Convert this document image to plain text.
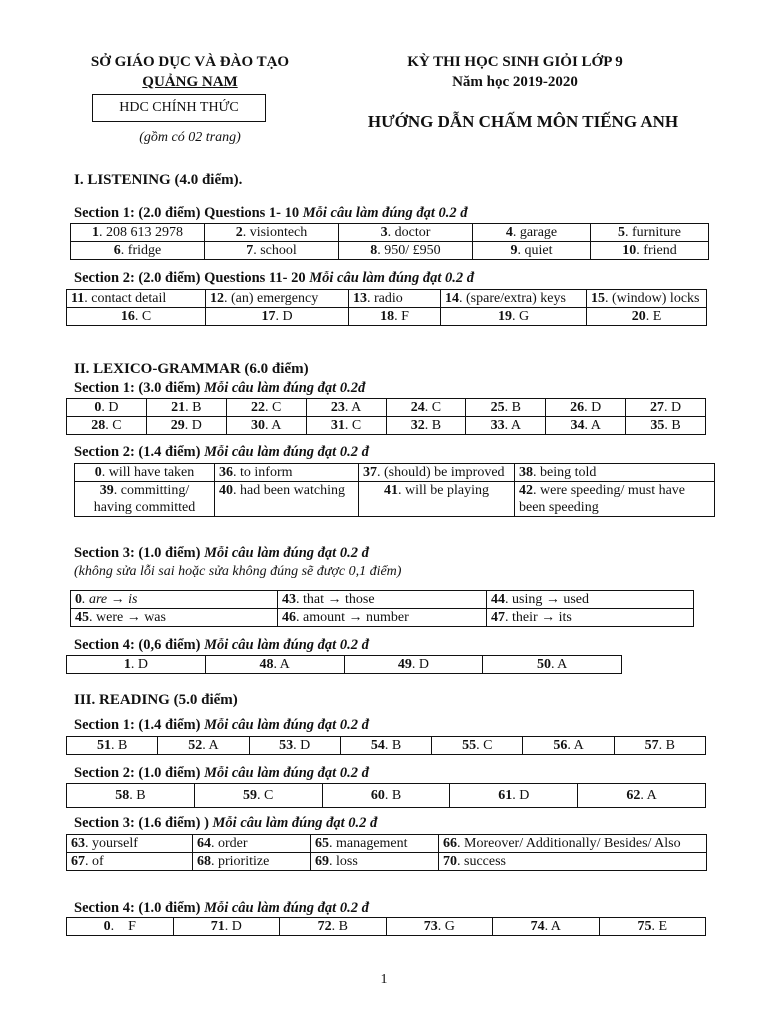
SỞ GIÁO DỤC VÀ ĐÀO TẠO
QUẢNG NAM
HDC CHÍNH THỨC
(gồm có 02 trang)
KỲ THI HỌC SINH GIỎI LỚP 9
Năm học 2019-2020
HƯỚNG DẪN CHẤM MÔN TIẾNG ANH
I. LISTENING (4.0 điểm).
Section 1: (2.0 điểm) Questions 1- 10 Mỗi câu làm đúng đạt 0.2 đ
1. 208 613 2978	2. visiontech	3. doctor	4. garage	5. furniture
6. fridge	7. school	8. 950/ £950	9. quiet	10. friend
Section 2: (2.0 điểm) Questions 11- 20 Mỗi câu làm đúng đạt 0.2 đ
11. contact detail	12. (an) emergency	13. radio	14. (spare/extra) keys	15. (window) locks
16. C	17. D	18. F	19. G	20. E
II. LEXICO-GRAMMAR (6.0 điểm)
Section 1: (3.0 điểm) Mỗi câu làm đúng đạt 0.2đ
0. D	21. B	22. C	23. A	24. C	25. B	26. D	27. D
28. C	29. D	30. A	31. C	32. B	33. A	34. A	35. B
Section 2: (1.4 điểm) Mỗi câu làm đúng đạt 0.2 đ
0. will have taken	36. to inform	37. (should) be improved	38. being told
39. committing/ having committed	40. had been watching	41. will be playing	42. were speeding/ must have been speeding
Section 3: (1.0 điểm) Mỗi câu làm đúng đạt 0.2 đ
(không sửa lỗi sai hoặc sửa không đúng sẽ được 0,1 điểm)
0. are → is	43. that → those	44. using → used
45. were → was	46. amount → number	47. their → its
Section 4: (0,6 điểm) Mỗi câu làm đúng đạt 0.2 đ
1. D	48. A	49. D	50. A
III. READING (5.0 điểm)
Section 1: (1.4 điểm) Mỗi câu làm đúng đạt 0.2 đ
51. B	52. A	53. D	54. B	55. C	56. A	57. B
Section 2: (1.0 điểm) Mỗi câu làm đúng đạt 0.2 đ
58. B	59. C	60. B	61. D	62. A
Section 3: (1.6 điểm) ) Mỗi câu làm đúng đạt 0.2 đ
63. yourself	64. order	65. management	66. Moreover/ Additionally/ Besides/ Also
67. of	68. prioritize	69. loss	70. success
Section 4: (1.0 điểm) Mỗi câu làm đúng đạt 0.2 đ
0.    F	71. D	72. B	73. G	74. A	75. E
1
